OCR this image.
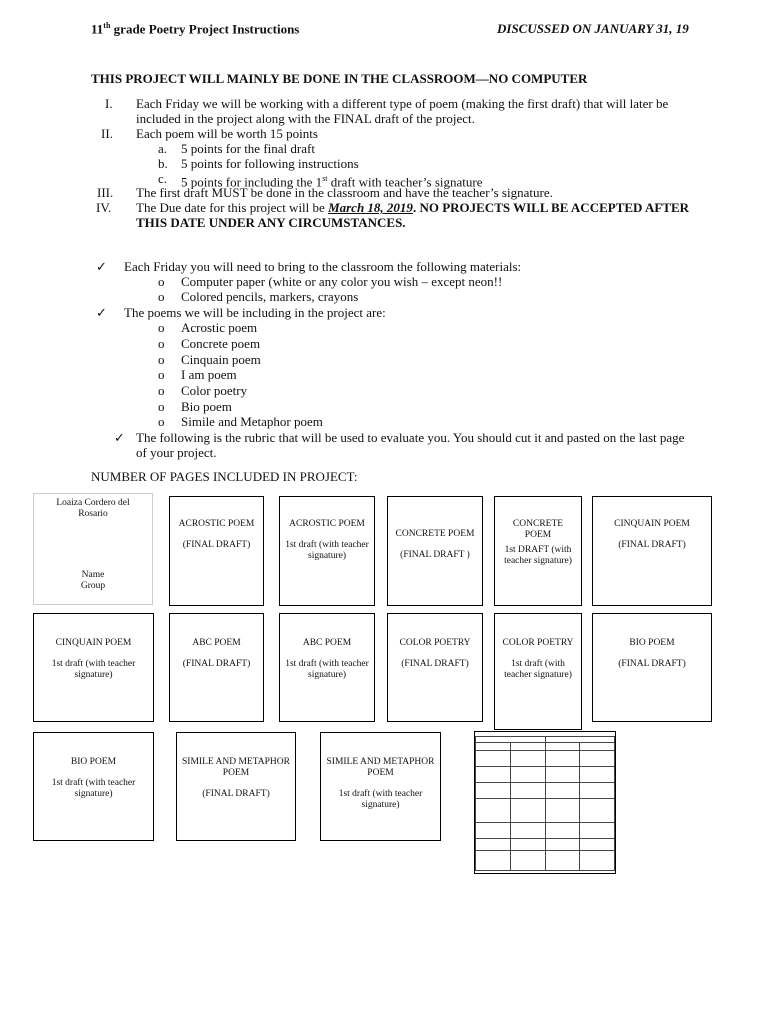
11th grade Poetry Project Instructions	DISCUSSED ON JANUARY 31, 19
THIS PROJECT WILL MAINLY BE DONE IN THE CLASSROOM—NO COMPUTER
I. Each Friday we will be working with a different type of poem (making the first draft) that will later be
included in the project along with the FINAL draft of the project.
II. Each poem will be worth 15 points
a. 5 points for the final draft
b. 5 points for following instructions
c. 5 points for including the 1st draft with teacher’s signature
III. The first draft MUST be done in the classroom and have the teacher’s signature.
IV. The Due date for this project will be March 18, 2019. NO PROJECTS WILL BE ACCEPTED AFTER
THIS DATE UNDER ANY CIRCUMSTANCES.
✓ Each Friday you will need to bring to the classroom the following materials:
o Computer paper (white or any color you wish – except neon!!
o Colored pencils, markers, crayons
✓ The poems we will be including in the project are:
o Acrostic poem
o Concrete poem
o Cinquain poem
o I am poem
o Color poetry
o Bio poem
o Simile and Metaphor poem
✓ The following is the rubric that will be used to evaluate you. You should cut it and pasted on the last page
of your project.
NUMBER OF PAGES INCLUDED IN PROJECT:
Loaiza Cordero del
Rosario
Name
Group
ACROSTIC POEM
(FINAL DRAFT)
ACROSTIC POEM
1st draft (with teacher signature)
CONCRETE POEM
(FINAL DRAFT )
CONCRETE POEM
1st DRAFT (with teacher signature)
CINQUAIN POEM
(FINAL DRAFT)
CINQUAIN POEM
1st draft (with teacher signature)
ABC POEM
(FINAL DRAFT)
ABC POEM
1st draft (with teacher signature)
COLOR POETRY
(FINAL DRAFT)
COLOR POETRY
1st draft (with teacher signature)
BIO POEM
(FINAL DRAFT)
BIO POEM
1st draft (with teacher signature)
SIMILE AND METAPHOR POEM
(FINAL DRAFT)
SIMILE AND METAPHOR POEM
1st draft (with teacher signature)
